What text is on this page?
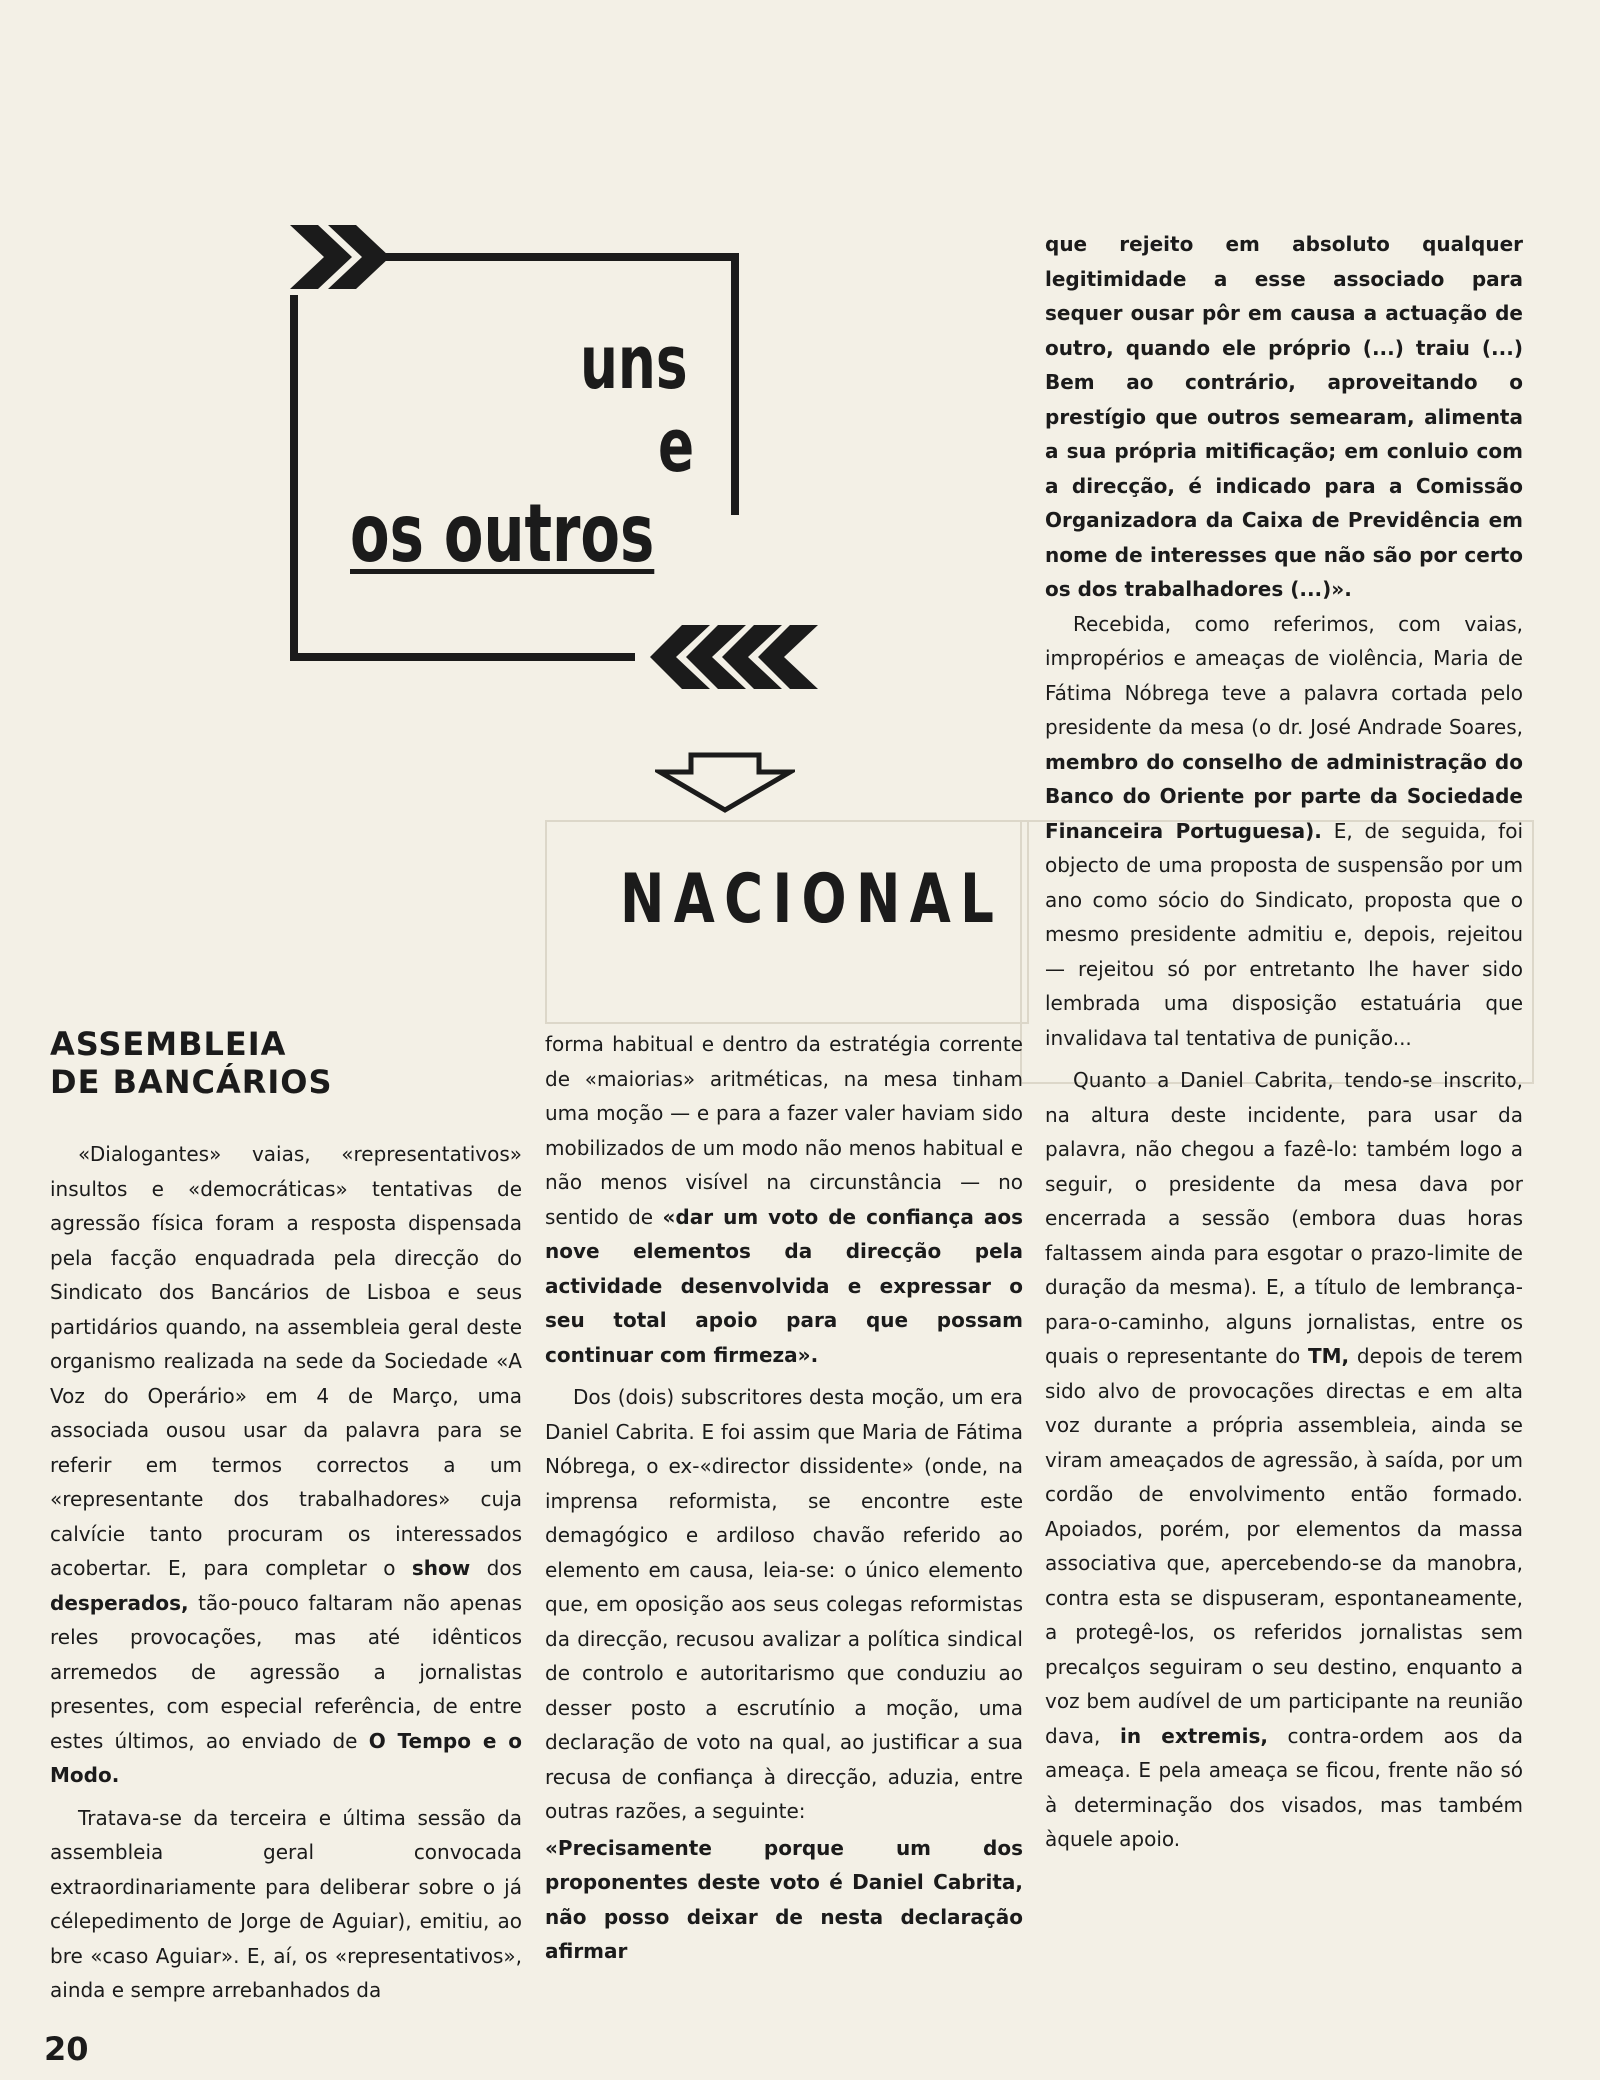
uns
e
os outros
NACIONAL
ASSEMBLEIA
DE BANCÁRIOS

«Dialogantes» vaias, «representativos» insultos e «democráticas» tentativas de agressão física foram a resposta dispensada pela facção enquadrada pela direcção do Sindicato dos Bancários de Lisboa e seus partidários quando, na assembleia geral deste organismo realizada na sede da Sociedade «A Voz do Operário» em 4 de Março, uma associada ousou usar da palavra para se referir em termos correctos a um «representante dos trabalhadores» cuja calvície tanto procuram os interessados acobertar. E, para completar o show dos desperados, tão-pouco faltaram não apenas reles provocações, mas até idênticos arremedos de agressão a jornalistas presentes, com especial referência, de entre estes últimos, ao enviado de O Tempo e o Modo.

Tratava-se da terceira e última sessão da assembleia geral convocada extraordinariamente para deliberar sobre o já célepedimento de Jorge de Aguiar), emitiu, ao bre «caso Aguiar». E, aí, os «representativos», ainda e sempre arrebanhados da

forma habitual e dentro da estratégia corrente de «maiorias» aritméticas, na mesa tinham uma moção — e para a fazer valer haviam sido mobilizados de um modo não menos habitual e não menos visível na circunstância — no sentido de «dar um voto de confiança aos nove elementos da direcção pela actividade desenvolvida e expressar o seu total apoio para que possam continuar com firmeza».

Dos (dois) subscritores desta moção, um era Daniel Cabrita. E foi assim que Maria de Fátima Nóbrega, o ex-«director dissidente» (onde, na imprensa reformista, se encontre este demagógico e ardiloso chavão referido ao elemento em causa, leia-se: o único elemento que, em oposição aos seus colegas reformistas da direcção, recusou avalizar a política sindical de controlo e autoritarismo que conduziu ao desser posto a escrutínio a moção, uma declaração de voto na qual, ao justificar a sua recusa de confiança à direcção, aduzia, entre outras razões, a seguinte:

«Precisamente porque um dos proponentes deste voto é Daniel Cabrita, não posso deixar de nesta declaração afirmar

que rejeito em absoluto qualquer legitimidade a esse associado para sequer ousar pôr em causa a actuação de outro, quando ele próprio (...) traiu (...) Bem ao contrário, aproveitando o prestígio que outros semearam, alimenta a sua própria mitificação; em conluio com a direcção, é indicado para a Comissão Organizadora da Caixa de Previdência em nome de interesses que não são por certo os dos trabalhadores (...)».

Recebida, como referimos, com vaias, impropérios e ameaças de violência, Maria de Fátima Nóbrega teve a palavra cortada pelo presidente da mesa (o dr. José Andrade Soares, membro do conselho de administração do Banco do Oriente por parte da Sociedade Financeira Portuguesa). E, de seguida, foi objecto de uma proposta de suspensão por um ano como sócio do Sindicato, proposta que o mesmo presidente admitiu e, depois, rejeitou — rejeitou só por entretanto lhe haver sido lembrada uma disposição estatuária que invalidava tal tentativa de punição...

Quanto a Daniel Cabrita, tendo-se inscrito, na altura deste incidente, para usar da palavra, não chegou a fazê-lo: também logo a seguir, o presidente da mesa dava por encerrada a sessão (embora duas horas faltassem ainda para esgotar o prazo-limite de duração da mesma). E, a título de lembrança-para-o-caminho, alguns jornalistas, entre os quais o representante do TM, depois de terem sido alvo de provocações directas e em alta voz durante a própria assembleia, ainda se viram ameaçados de agressão, à saída, por um cordão de envolvimento então formado. Apoiados, porém, por elementos da massa associativa que, apercebendo-se da manobra, contra esta se dispuseram, espontaneamente, a protegê-los, os referidos jornalistas sem precalços seguiram o seu destino, enquanto a voz bem audível de um participante na reunião dava, in extremis, contra-ordem aos da ameaça. E pela ameaça se ficou, frente não só à determinação dos visados, mas também àquele apoio.

20
